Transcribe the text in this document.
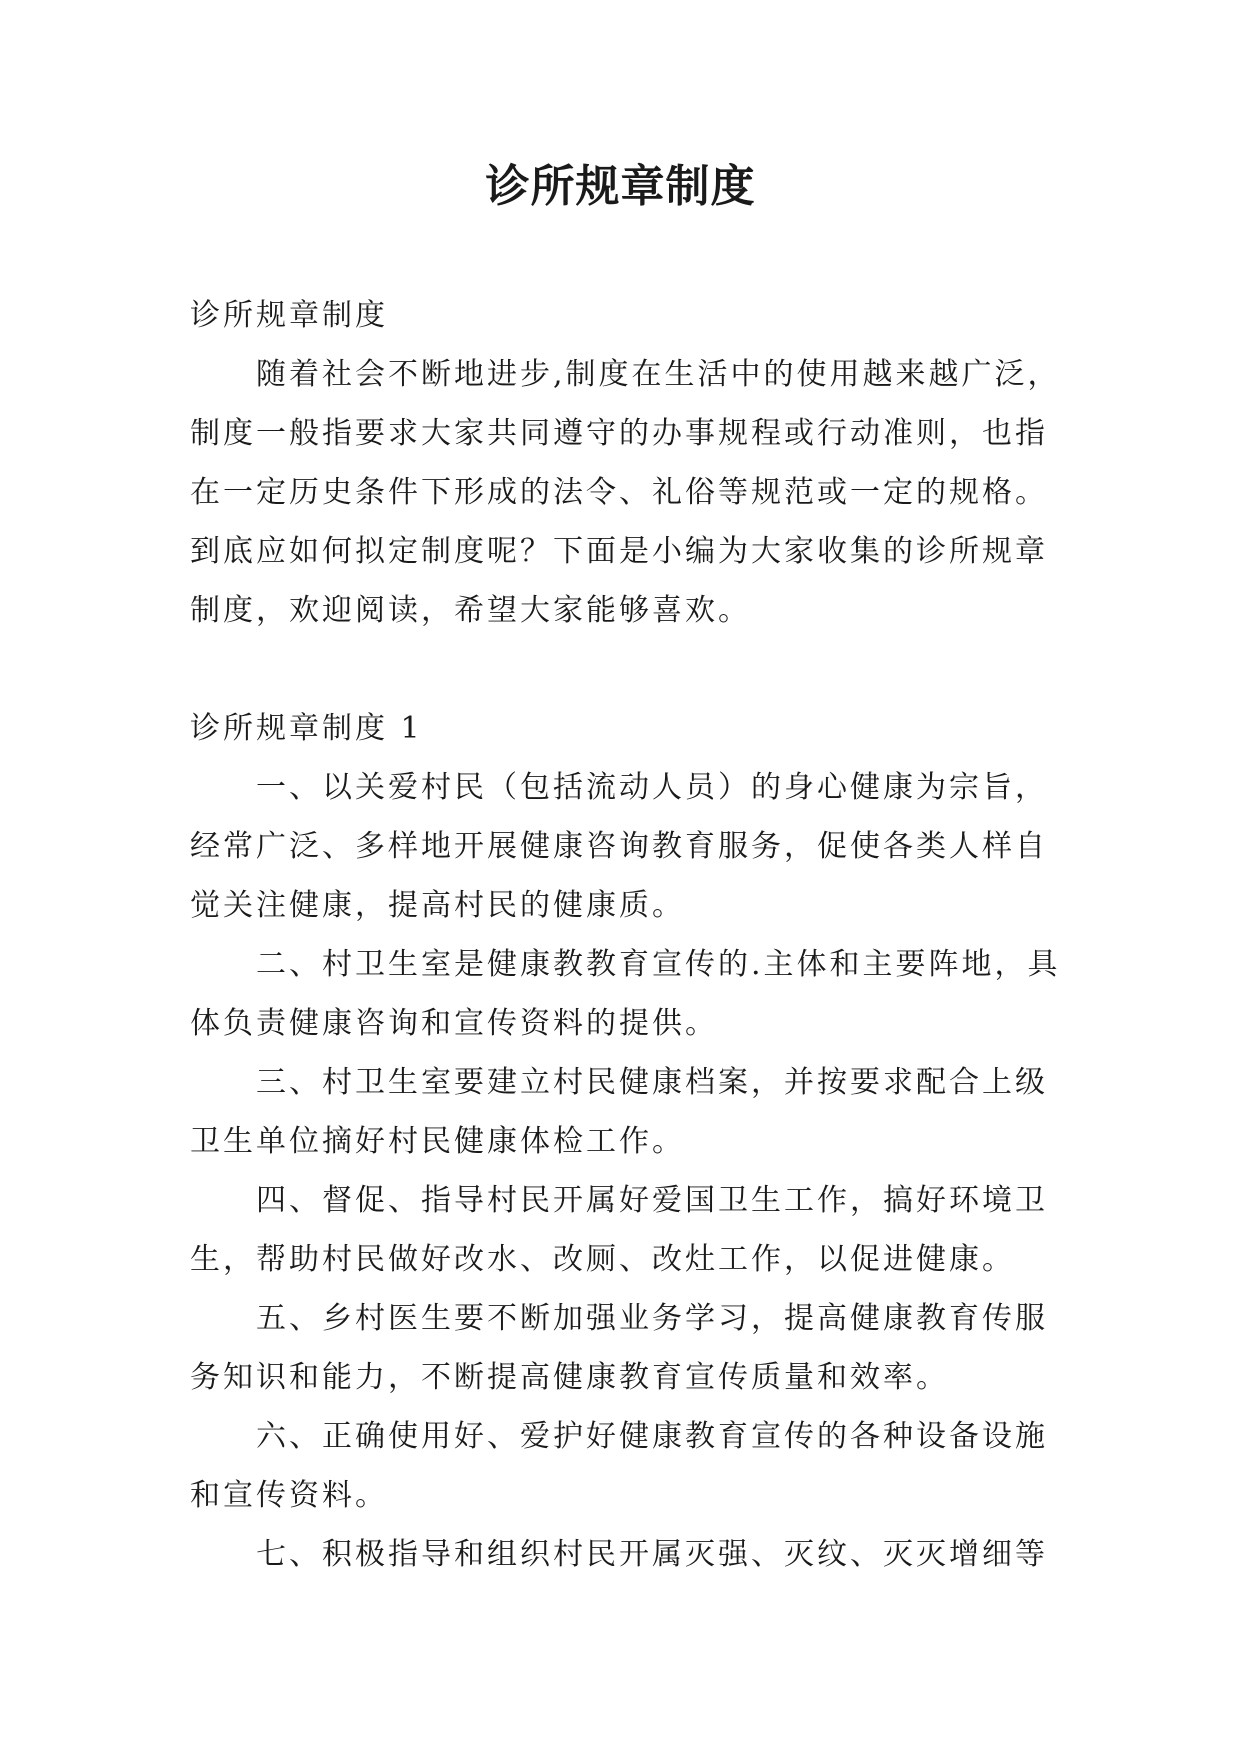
诊所规章制度

诊所规章制度

随着社会不断地进步,制度在生活中的使用越来越广泛，制度一般指要求大家共同遵守的办事规程或行动准则，也指在一定历史条件下形成的法令、礼俗等规范或一定的规格。到底应如何拟定制度呢？下面是小编为大家收集的诊所规章制度，欢迎阅读，希望大家能够喜欢。

诊所规章制度 1

一、以关爱村民（包括流动人员）的身心健康为宗旨，经常广泛、多样地开展健康咨询教育服务，促使各类人样自觉关注健康，提高村民的健康质。

二、村卫生室是健康教教育宣传的.主体和主要阵地，具体负责健康咨询和宣传资料的提供。

三、村卫生室要建立村民健康档案，并按要求配合上级卫生单位摘好村民健康体检工作。

四、督促、指导村民开属好爱国卫生工作，搞好环境卫生，帮助村民做好改水、改厕、改灶工作，以促进健康。

五、乡村医生要不断加强业务学习，提高健康教育传服务知识和能力，不断提高健康教育宣传质量和效率。

六、正确使用好、爱护好健康教育宣传的各种设备设施和宣传资料。

七、积极指导和组织村民开属灭强、灭纹、灭灭增细等
